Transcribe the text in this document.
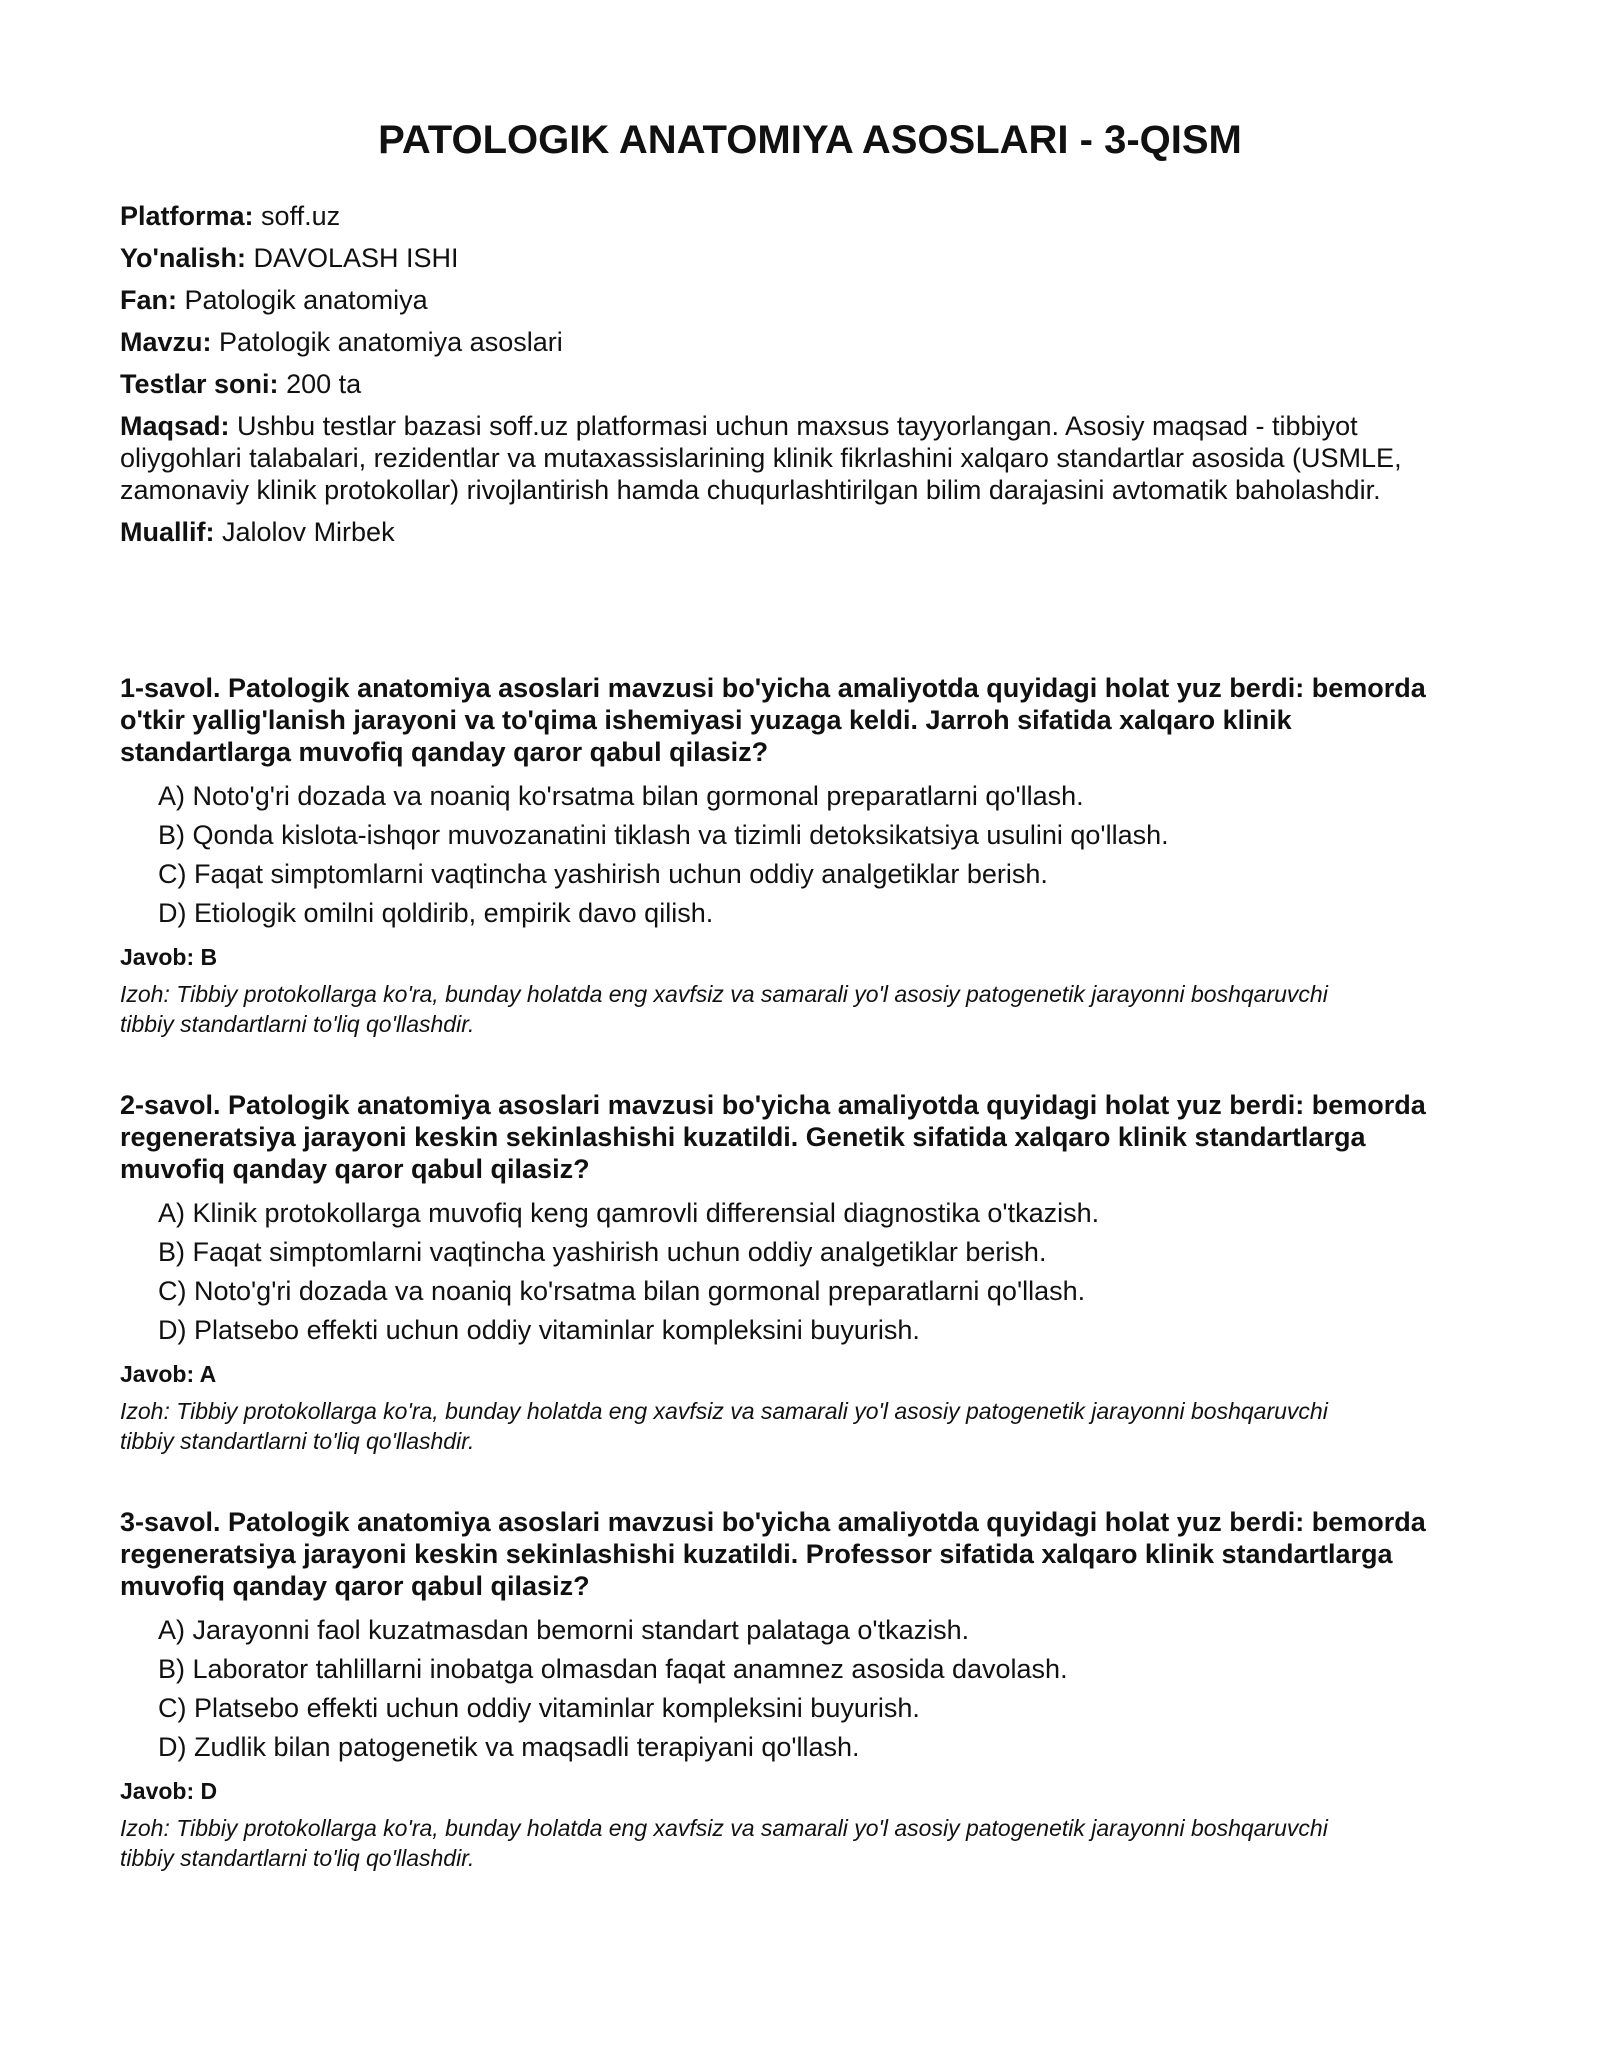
PATOLOGIK ANATOMIYA ASOSLARI - 3-QISM

Platforma: soff.uz

Yo'nalish: DAVOLASH ISHI

Fan: Patologik anatomiya

Mavzu: Patologik anatomiya asoslari

Testlar soni: 200 ta

Maqsad: Ushbu testlar bazasi soff.uz platformasi uchun maxsus tayyorlangan. Asosiy maqsad - tibbiyot oliygohlari talabalari, rezidentlar va mutaxassislarining klinik fikrlashini xalqaro standartlar asosida (USMLE, zamonaviy klinik protokollar) rivojlantirish hamda chuqurlashtirilgan bilim darajasini avtomatik baholashdir.

Muallif: Jalolov Mirbek

1-savol. Patologik anatomiya asoslari mavzusi bo'yicha amaliyotda quyidagi holat yuz berdi: bemorda o'tkir yallig'lanish jarayoni va to'qima ishemiyasi yuzaga keldi. Jarroh sifatida xalqaro klinik standartlarga muvofiq qanday qaror qabul qilasiz?

A) Noto'g'ri dozada va noaniq ko'rsatma bilan gormonal preparatlarni qo'llash.
B) Qonda kislota-ishqor muvozanatini tiklash va tizimli detoksikatsiya usulini qo'llash.
C) Faqat simptomlarni vaqtincha yashirish uchun oddiy analgetiklar berish.
D) Etiologik omilni qoldirib, empirik davo qilish.

Javob: B

Izoh: Tibbiy protokollarga ko'ra, bunday holatda eng xavfsiz va samarali yo'l asosiy patogenetik jarayonni boshqaruvchi tibbiy standartlarni to'liq qo'llashdir.

2-savol. Patologik anatomiya asoslari mavzusi bo'yicha amaliyotda quyidagi holat yuz berdi: bemorda regeneratsiya jarayoni keskin sekinlashishi kuzatildi. Genetik sifatida xalqaro klinik standartlarga muvofiq qanday qaror qabul qilasiz?

A) Klinik protokollarga muvofiq keng qamrovli differensial diagnostika o'tkazish.
B) Faqat simptomlarni vaqtincha yashirish uchun oddiy analgetiklar berish.
C) Noto'g'ri dozada va noaniq ko'rsatma bilan gormonal preparatlarni qo'llash.
D) Platsebo effekti uchun oddiy vitaminlar kompleksini buyurish.

Javob: A

Izoh: Tibbiy protokollarga ko'ra, bunday holatda eng xavfsiz va samarali yo'l asosiy patogenetik jarayonni boshqaruvchi tibbiy standartlarni to'liq qo'llashdir.

3-savol. Patologik anatomiya asoslari mavzusi bo'yicha amaliyotda quyidagi holat yuz berdi: bemorda regeneratsiya jarayoni keskin sekinlashishi kuzatildi. Professor sifatida xalqaro klinik standartlarga muvofiq qanday qaror qabul qilasiz?

A) Jarayonni faol kuzatmasdan bemorni standart palataga o'tkazish.
B) Laborator tahlillarni inobatga olmasdan faqat anamnez asosida davolash.
C) Platsebo effekti uchun oddiy vitaminlar kompleksini buyurish.
D) Zudlik bilan patogenetik va maqsadli terapiyani qo'llash.

Javob: D

Izoh: Tibbiy protokollarga ko'ra, bunday holatda eng xavfsiz va samarali yo'l asosiy patogenetik jarayonni boshqaruvchi tibbiy standartlarni to'liq qo'llashdir.
